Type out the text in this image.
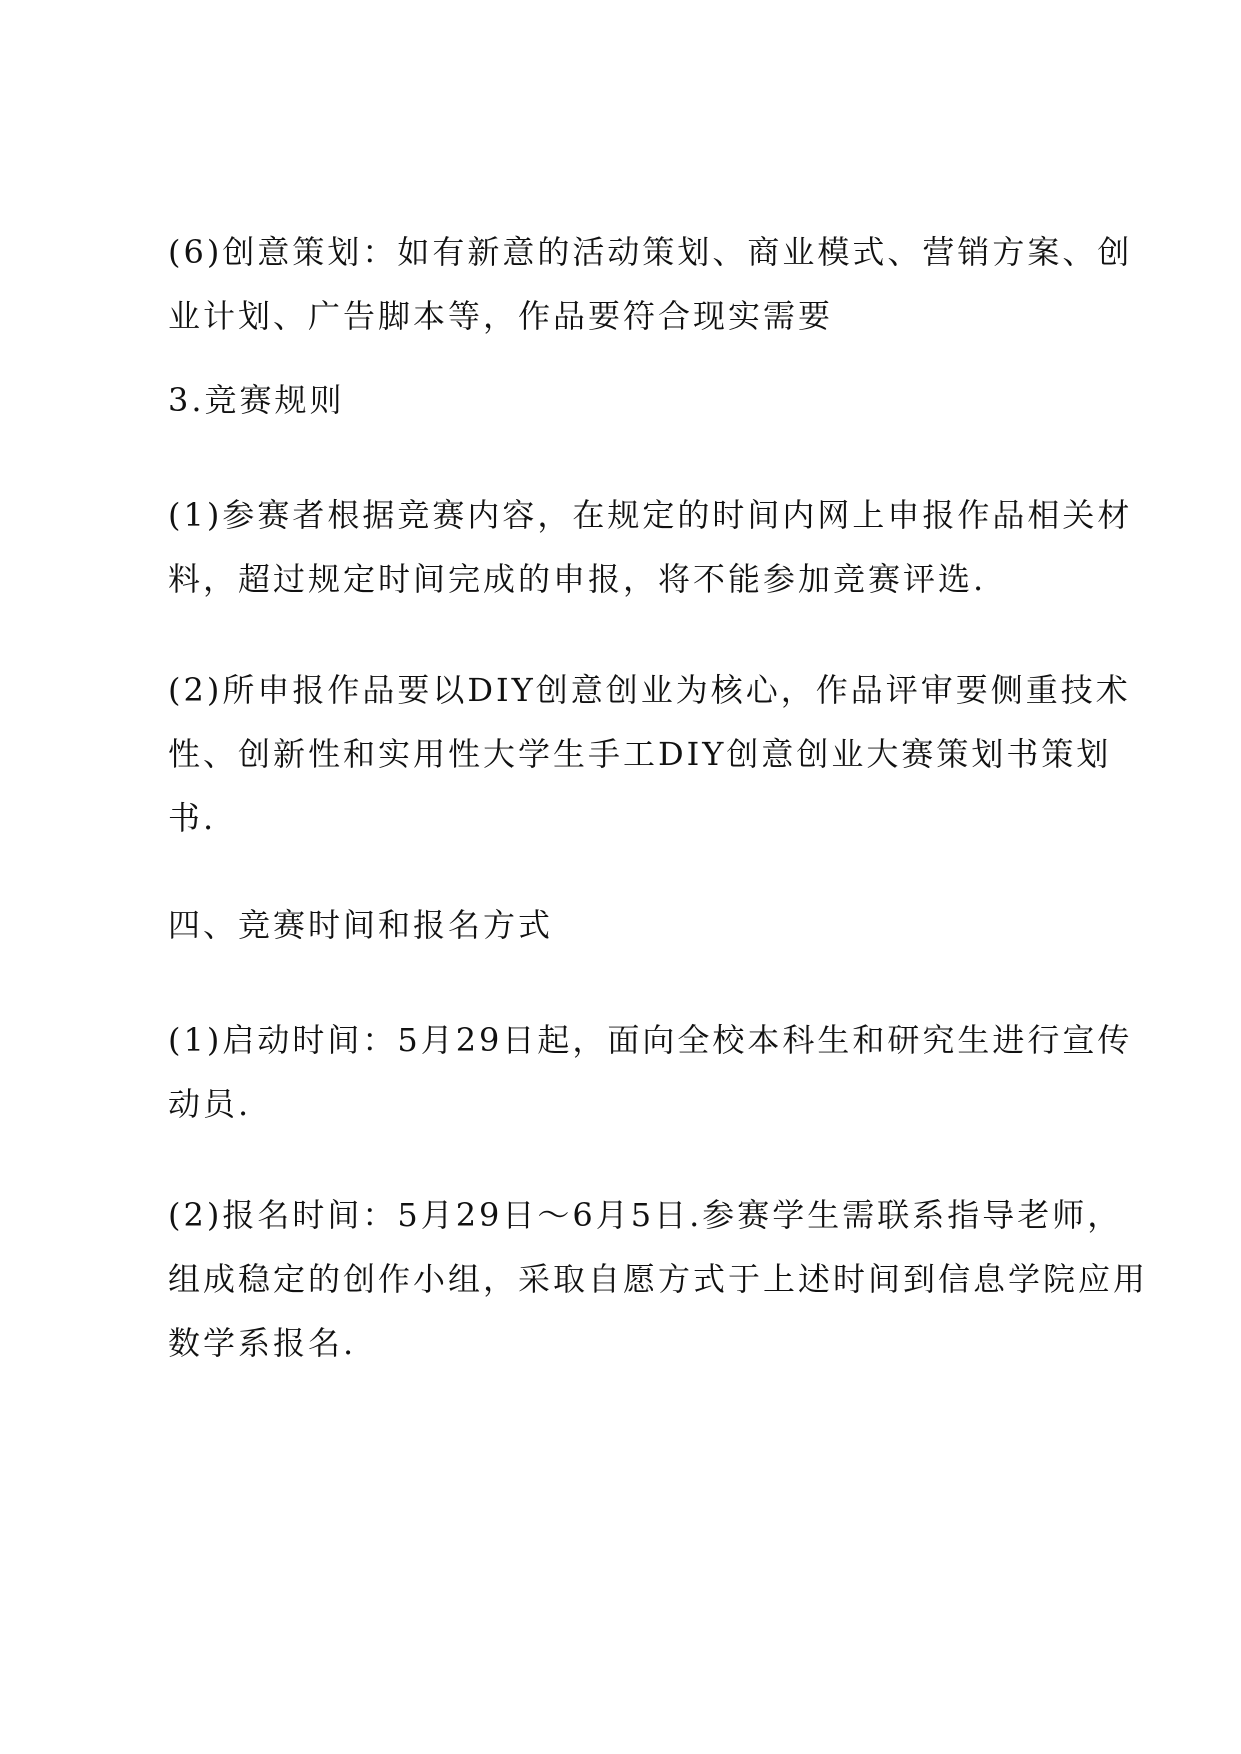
(6)创意策划：如有新意的活动策划、商业模式、营销方案、创
业计划、广告脚本等，作品要符合现实需要

3.竞赛规则

(1)参赛者根据竞赛内容，在规定的时间内网上申报作品相关材
料，超过规定时间完成的申报，将不能参加竞赛评选.

(2)所申报作品要以DIY创意创业为核心，作品评审要侧重技术
性、创新性和实用性大学生手工DIY创意创业大赛策划书策划
书.

四、竞赛时间和报名方式

(1)启动时间：5月29日起，面向全校本科生和研究生进行宣传
动员.

(2)报名时间：5月29日～6月5日.参赛学生需联系指导老师，
组成稳定的创作小组，采取自愿方式于上述时间到信息学院应用
数学系报名.
